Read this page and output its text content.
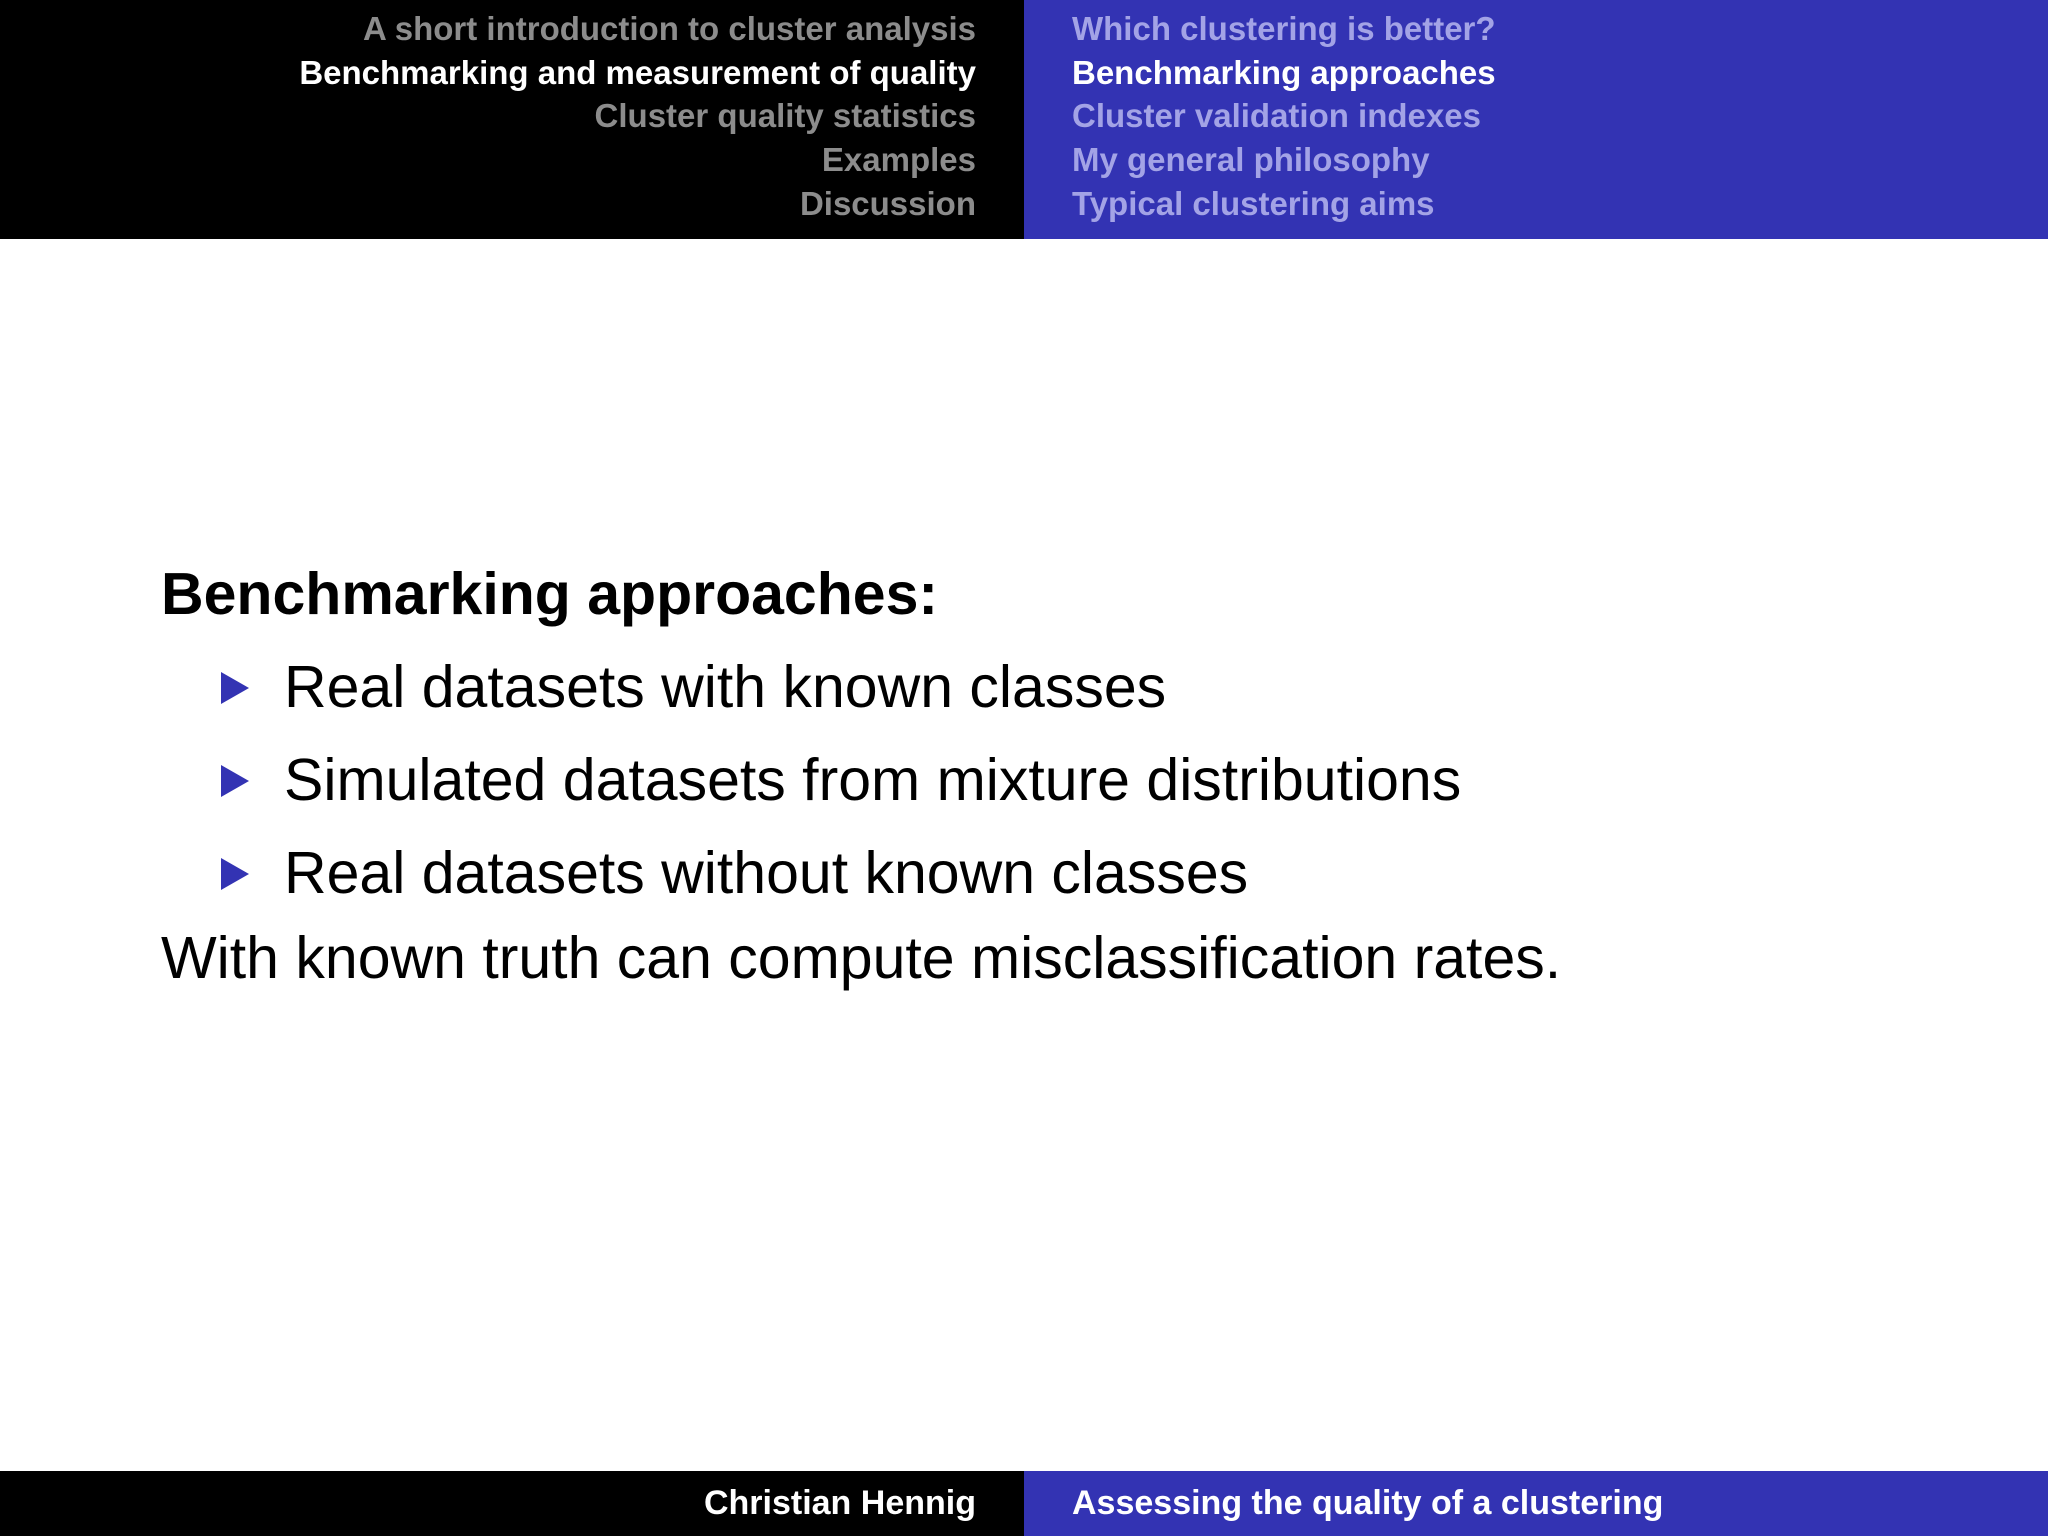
A short introduction to cluster analysis
Benchmarking and measurement of quality
Cluster quality statistics
Examples
Discussion
Which clustering is better?
Benchmarking approaches
Cluster validation indexes
My general philosophy
Typical clustering aims

Benchmarking approaches:

Real datasets with known classes
Simulated datasets from mixture distributions
Real datasets without known classes
With known truth can compute misclassification rates.
Christian Hennig	Assessing the quality of a clustering
